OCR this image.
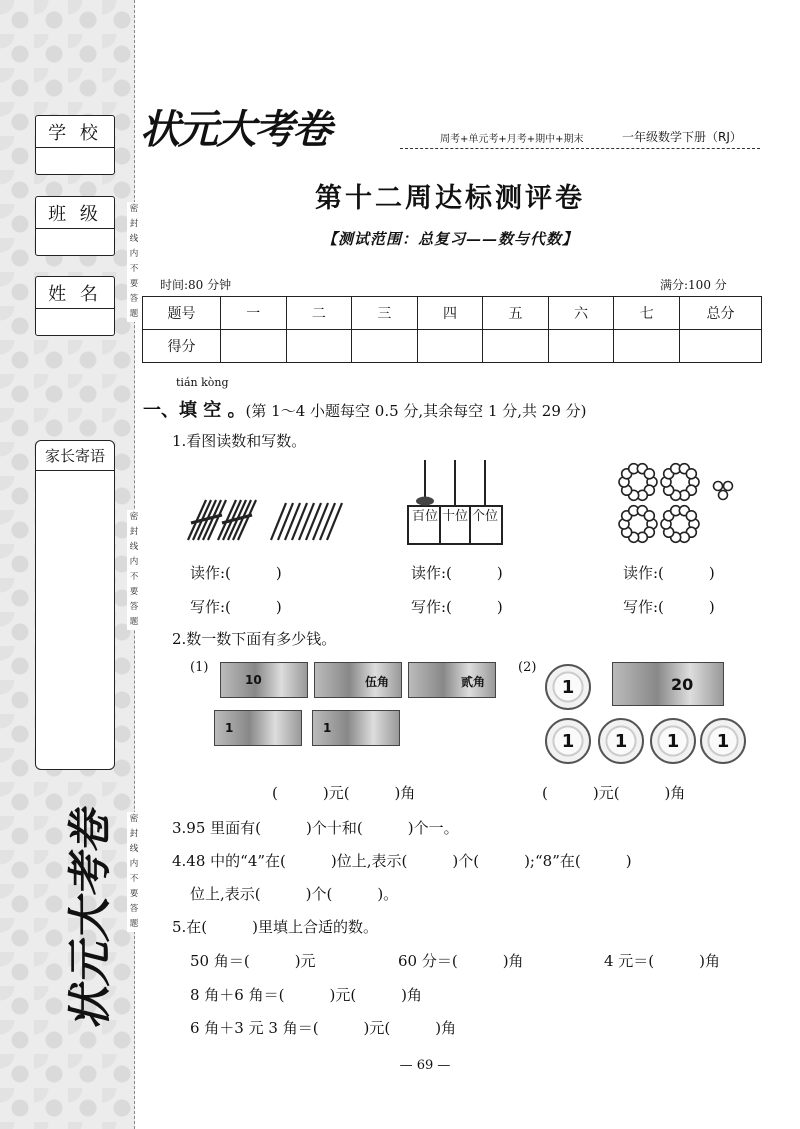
学 校
班 级
姓 名
家长寄语
密
封
线
内
不
要
答
题
密
封
线
内
不
要
答
题
密
封
线
内
不
要
答
题
状元大考卷
状元大考卷	周考+单元考+月考+期中+期末	一年级数学下册（RJ）
第十二周达标测评卷
【测试范围：总复习——数与代数】
时间:80 分钟	满分:100 分
题号	一	二	三	四	五	六	七	总分
得分								
tián kòng
一、填 空 。(第 1～4 小题每空 0.5 分,其余每空 1 分,共 29 分)
1.看图读数和写数。
百位 十位 个位
读作:(　　　)	读作:(　　　)	读作:(　　　)
写作:(　　　)	写作:(　　　)	写作:(　　　)
2.数一数下面有多少钱。
(1)	(2)
10	伍角	贰角
1	1
20
1
1 1 1 1
(　　　)元(　　　)角	(　　　)元(　　　)角
3.95 里面有(　　　)个十和(　　　)个一。
4.48 中的“4”在(　　　)位上,表示(　　　)个(　　　);“8”在(　　　)
位上,表示(　　　)个(　　　)。
5.在(　　　)里填上合适的数。
50 角＝(　　　)元	60 分＝(　　　)角	4 元＝(　　　)角
8 角＋6 角＝(　　　)元(　　　)角
6 角＋3 元 3 角＝(　　　)元(　　　)角
— 69 —
